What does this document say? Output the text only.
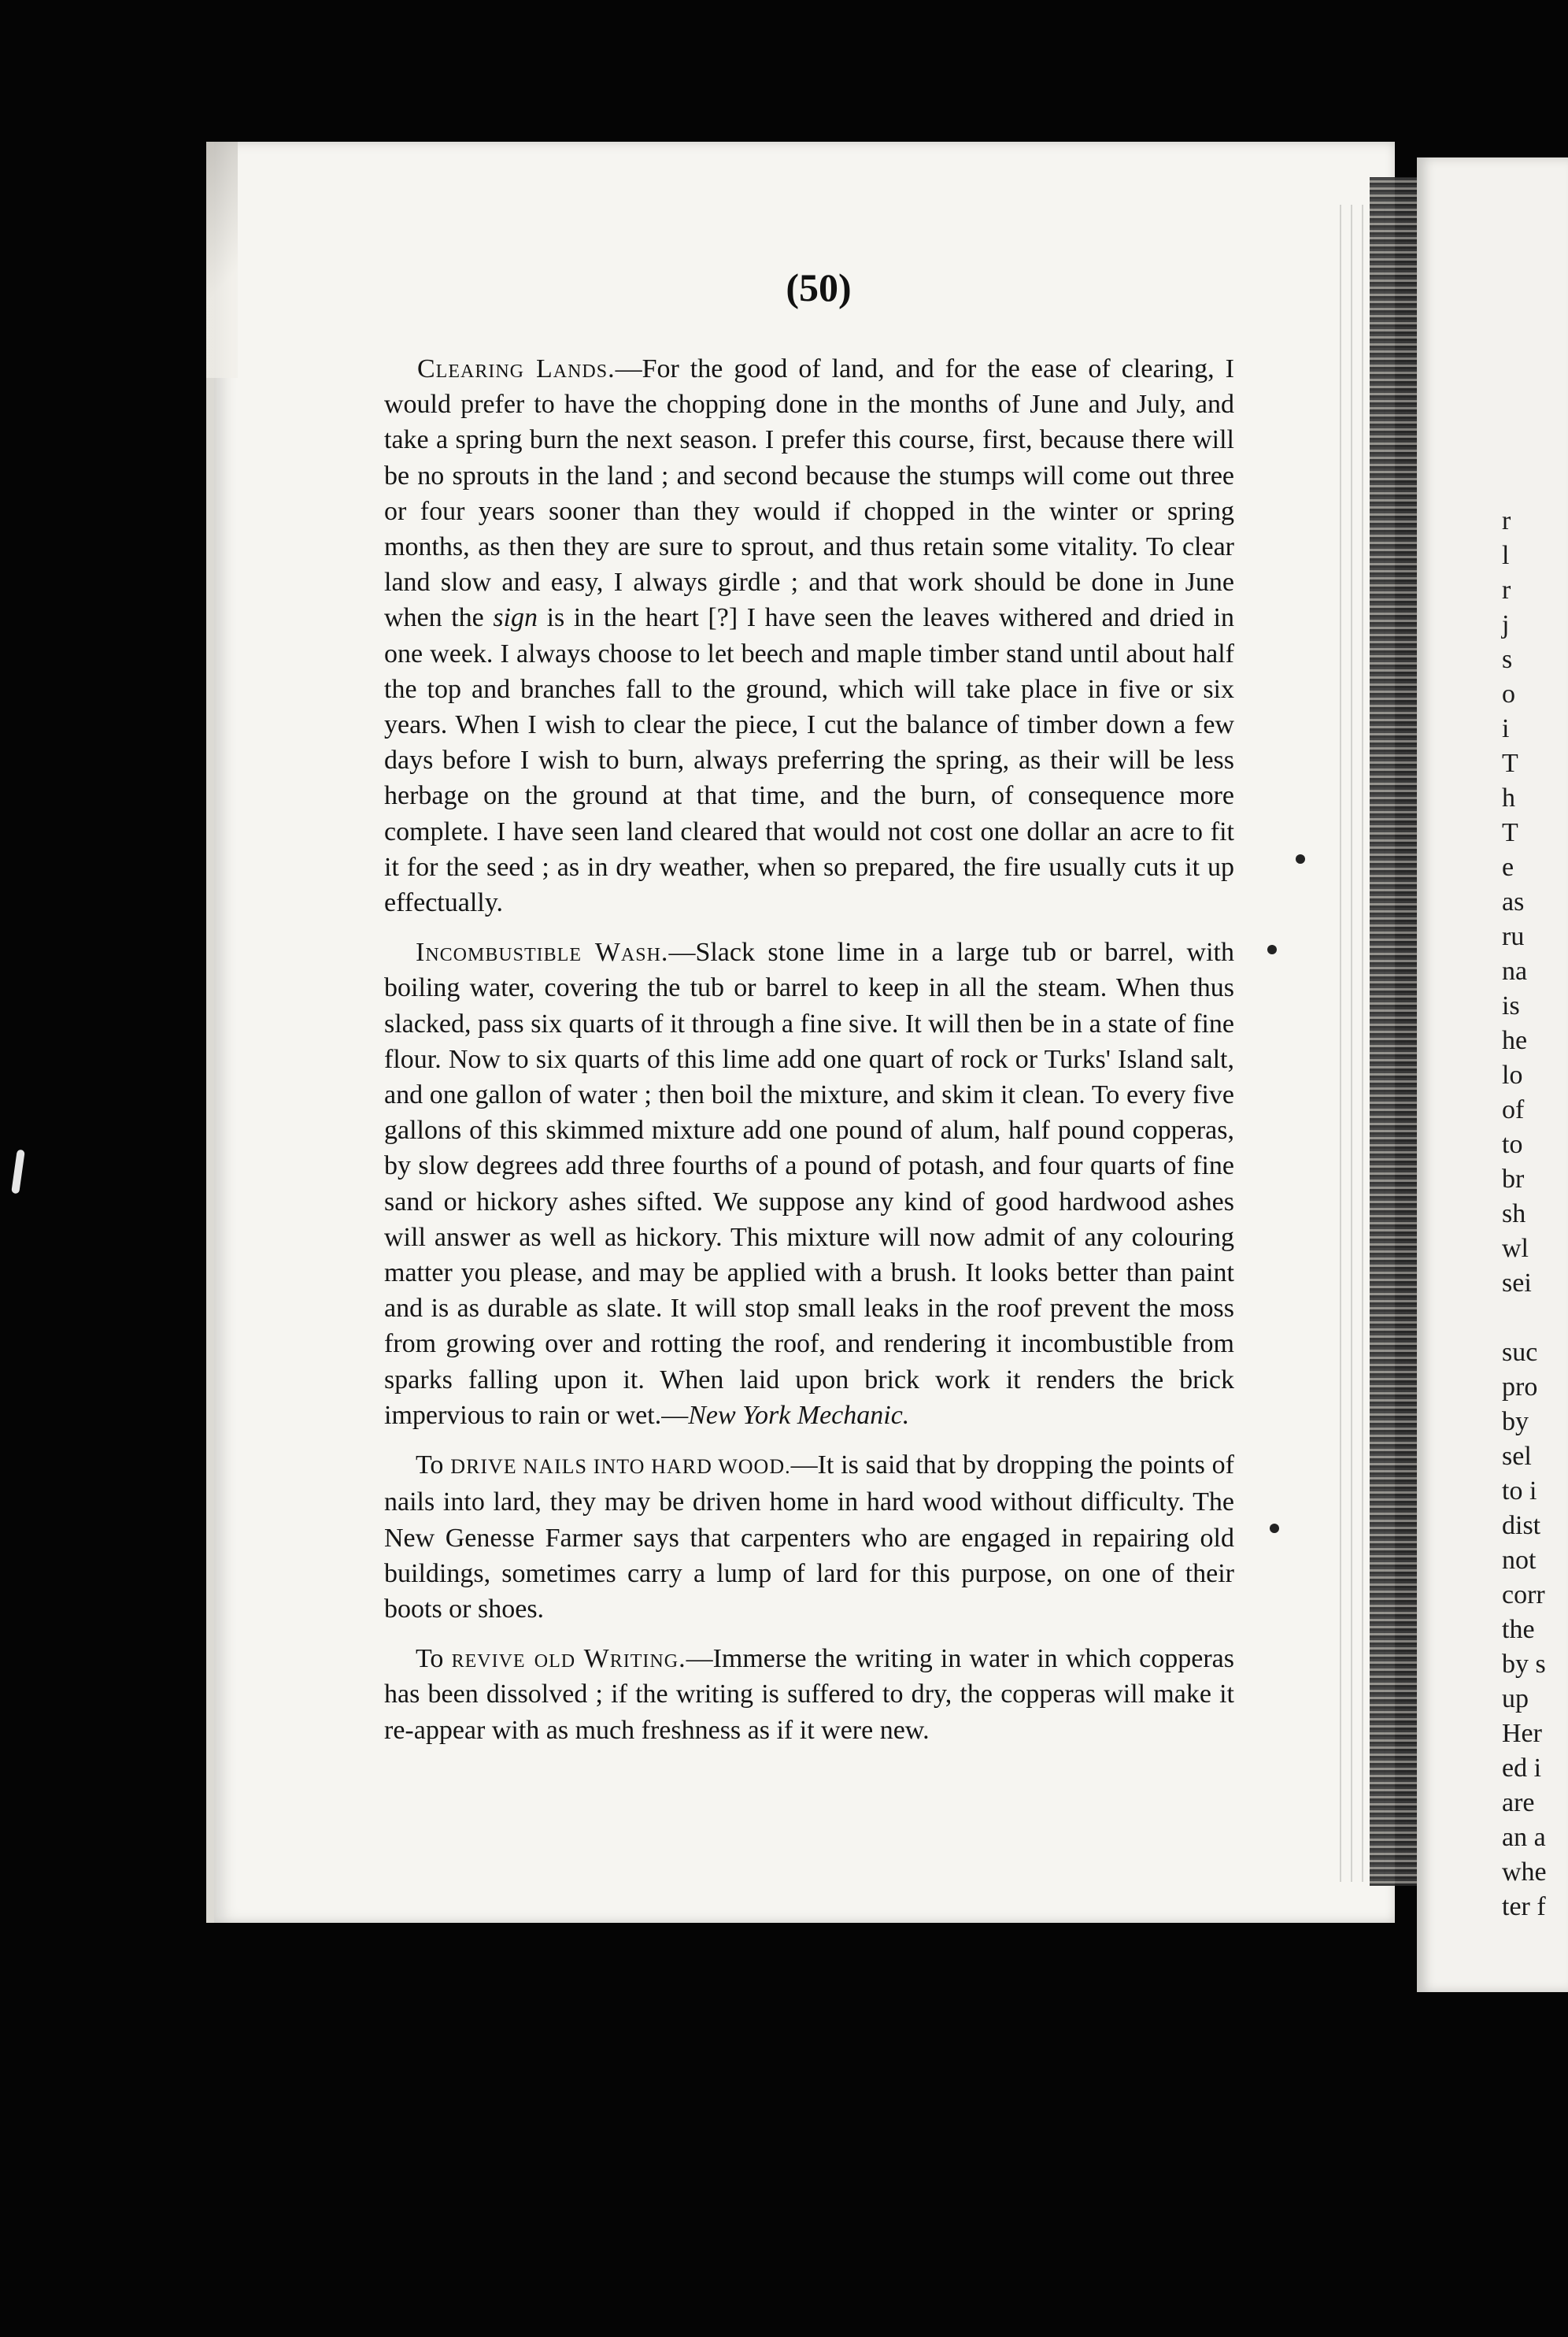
(50)

Clearing Lands.—For the good of land, and for the ease of clearing, I would prefer to have the chopping done in the months of June and July, and take a spring burn the next season. I prefer this course, first, because there will be no sprouts in the land ; and second because the stumps will come out three or four years sooner than they would if chopped in the winter or spring months, as then they are sure to sprout, and thus retain some vitality. To clear land slow and easy, I always girdle ; and that work should be done in June when the sign is in the heart [?] I have seen the leaves withered and dried in one week. I always choose to let beech and maple timber stand until about half the top and branches fall to the ground, which will take place in five or six years. When I wish to clear the piece, I cut the balance of timber down a few days before I wish to burn, always preferring the spring, as their will be less herbage on the ground at that time, and the burn, of consequence more complete. I have seen land cleared that would not cost one dollar an acre to fit it for the seed ; as in dry weather, when so prepared, the fire usually cuts it up effectually.

Incombustible Wash.—Slack stone lime in a large tub or barrel, with boiling water, covering the tub or barrel to keep in all the steam. When thus slacked, pass six quarts of it through a fine sive. It will then be in a state of fine flour. Now to six quarts of this lime add one quart of rock or Turks' Island salt, and one gallon of water ; then boil the mixture, and skim it clean. To every five gallons of this skimmed mixture add one pound of alum, half pound copperas, by slow degrees add three fourths of a pound of potash, and four quarts of fine sand or hickory ashes sifted. We suppose any kind of good hardwood ashes will answer as well as hickory. This mixture will now admit of any colouring matter you please, and may be applied with a brush. It looks better than paint and is as durable as slate. It will stop small leaks in the roof prevent the moss from growing over and rotting the roof, and rendering it incombustible from sparks falling upon it. When laid upon brick work it renders the brick impervious to rain or wet.—New York Mechanic.

To DRIVE NAILS INTO HARD WOOD.—It is said that by dropping the points of nails into lard, they may be driven home in hard wood without difficulty. The New Genesse Farmer says that carpenters who are engaged in repairing old buildings, sometimes carry a lump of lard for this purpose, on one of their boots or shoes.

To revive old Writing.—Immerse the writing in water in which copperas has been dissolved ; if the writing is suffered to dry, the copperas will make it re-appear with as much freshness as if it were new.

r
l
r
j
s
o
i
T
h
T
e
as
ru
na
is
he
lo
of
to
br
sh
wl
sei

suc
pro
by
sel
to i
dist
not
corr
the
by s
up
Her
ed i
are
an a
whe
ter f
